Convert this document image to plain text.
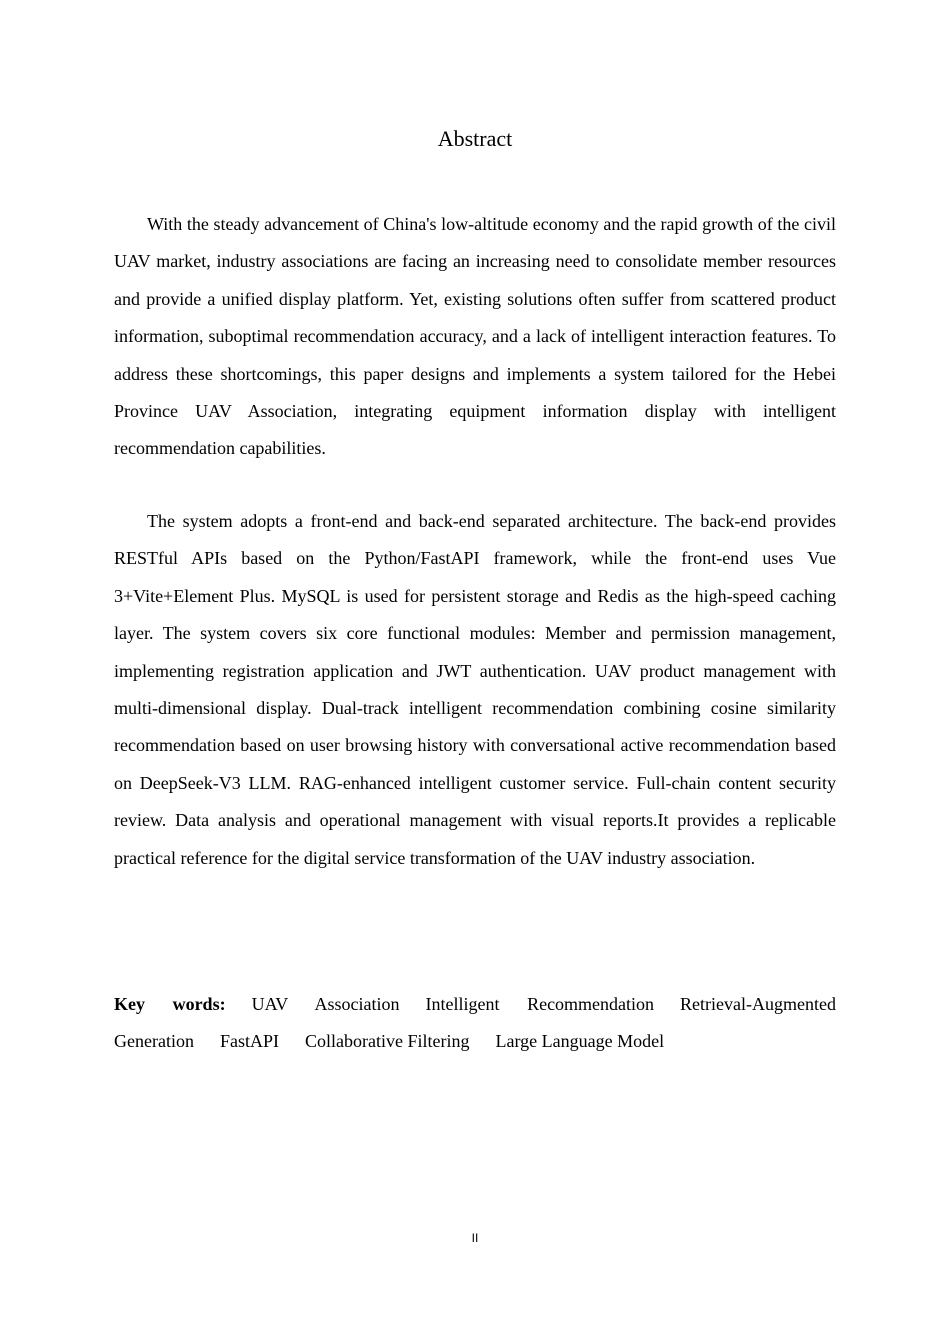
Abstract

With the steady advancement of China's low-altitude economy and the rapid growth of the civil UAV market, industry associations are facing an increasing need to consolidate member resources and provide a unified display platform. Yet, existing solutions often suffer from scattered product information, suboptimal recommendation accuracy, and a lack of intelligent interaction features. To address these shortcomings, this paper designs and implements a system tailored for the Hebei Province UAV Association, integrating equipment information display with intelligent recommendation capabilities.

The system adopts a front-end and back-end separated architecture. The back-end provides RESTful APIs based on the Python/FastAPI framework, while the front-end uses Vue 3+Vite+Element Plus. MySQL is used for persistent storage and Redis as the high-speed caching layer. The system covers six core functional modules: Member and permission management, implementing registration application and JWT authentication. UAV product management with multi-dimensional display. Dual-track intelligent recommendation combining cosine similarity recommendation based on user browsing history with conversational active recommendation based on DeepSeek-V3 LLM. RAG-enhanced intelligent customer service. Full-chain content security review. Data analysis and operational management with visual reports.It provides a replicable practical reference for the digital service transformation of the UAV industry association.

Key words: UAV Association Intelligent Recommendation Retrieval-Augmented Generation FastAPI Collaborative Filtering Large Language Model
II
